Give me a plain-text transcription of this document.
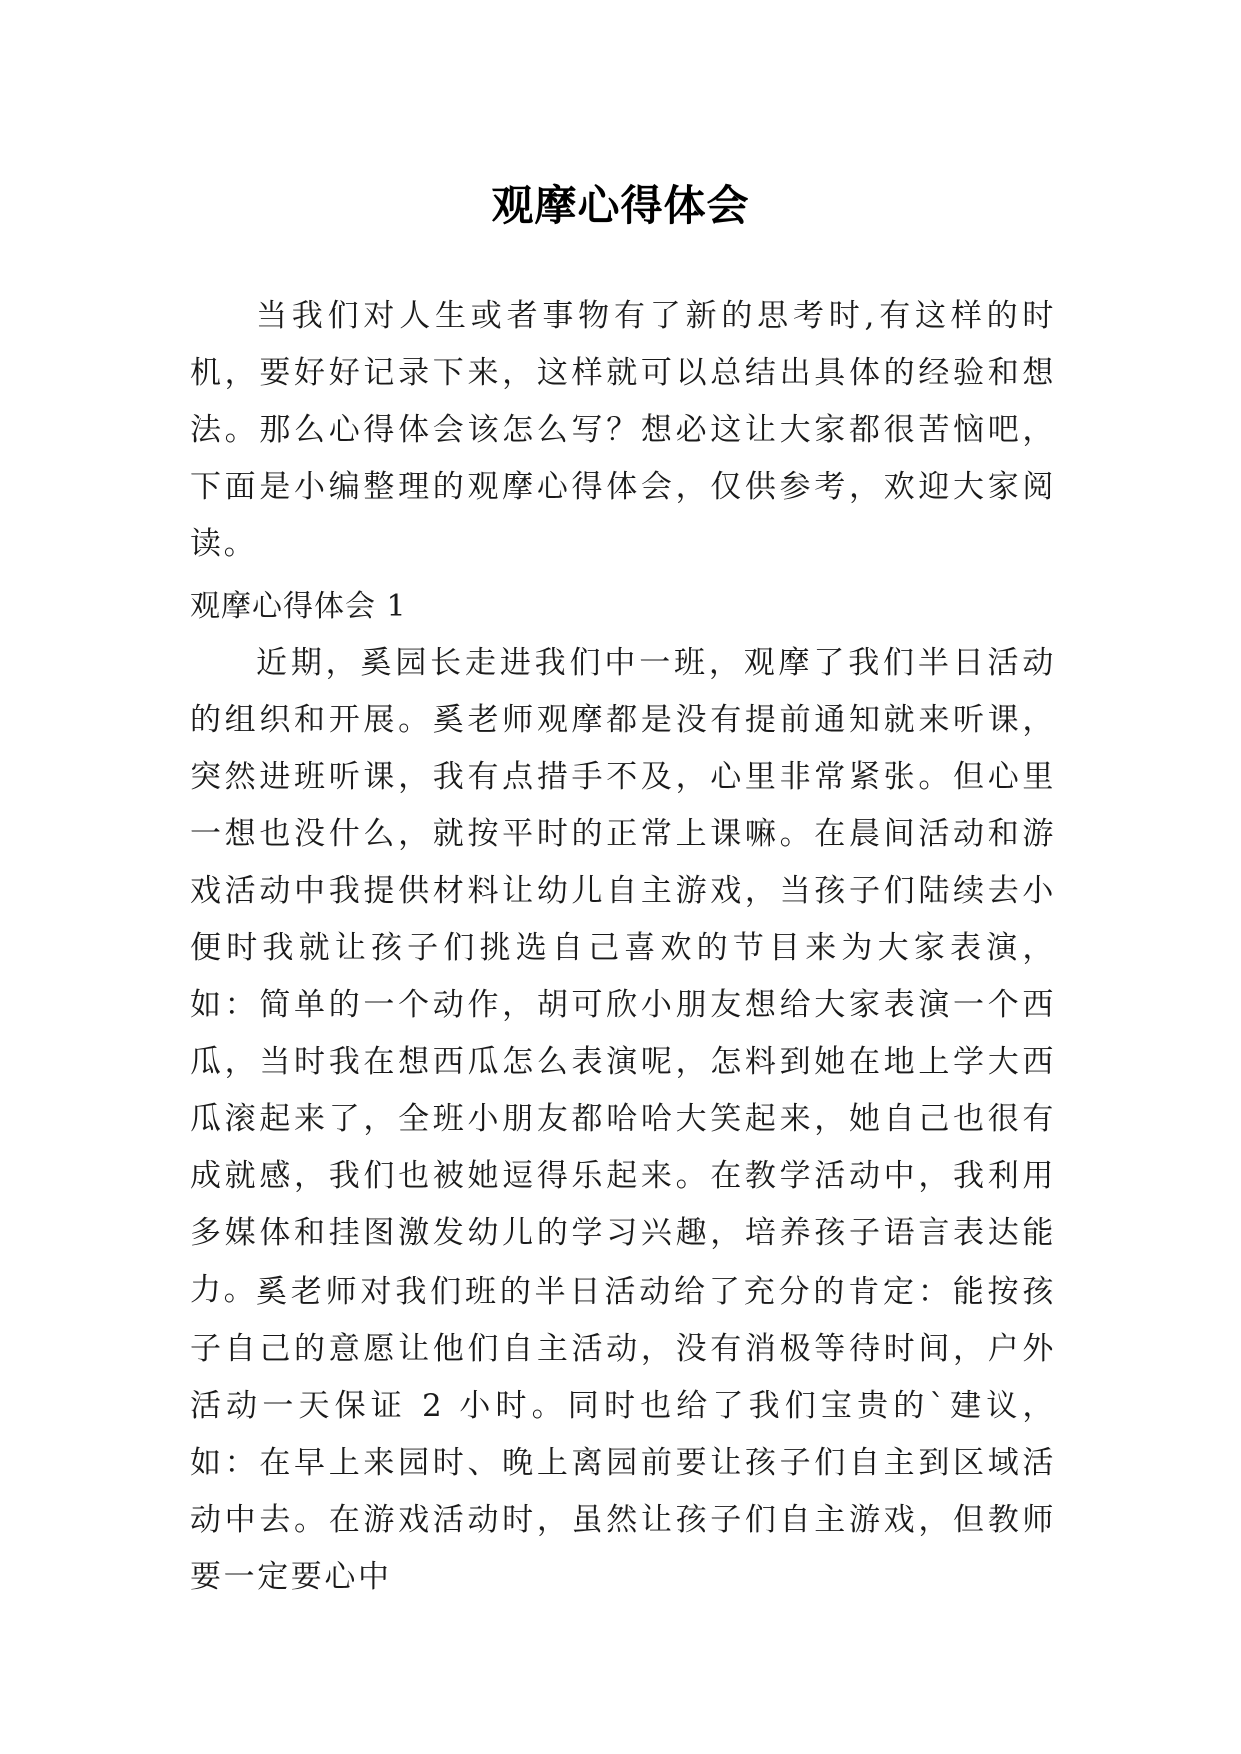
观摩心得体会

当我们对人生或者事物有了新的思考时,有这样的时机，要好好记录下来，这样就可以总结出具体的经验和想法。那么心得体会该怎么写？想必这让大家都很苦恼吧，下面是小编整理的观摩心得体会，仅供参考，欢迎大家阅读。

观摩心得体会 1

近期，奚园长走进我们中一班，观摩了我们半日活动的组织和开展。奚老师观摩都是没有提前通知就来听课，突然进班听课，我有点措手不及，心里非常紧张。但心里一想也没什么，就按平时的正常上课嘛。在晨间活动和游戏活动中我提供材料让幼儿自主游戏，当孩子们陆续去小便时我就让孩子们挑选自己喜欢的节目来为大家表演，如：简单的一个动作，胡可欣小朋友想给大家表演一个西瓜，当时我在想西瓜怎么表演呢，怎料到她在地上学大西瓜滚起来了，全班小朋友都哈哈大笑起来，她自己也很有成就感，我们也被她逗得乐起来。在教学活动中，我利用多媒体和挂图激发幼儿的学习兴趣，培养孩子语言表达能力。

奚老师对我们班的半日活动给了充分的肯定：能按孩子自己的意愿让他们自主活动，没有消极等待时间，户外活动一天保证 2 小时。同时也给了我们宝贵的`建议，如：在早上来园时、晚上离园前要让孩子们自主到区域活动中去。在游戏活动时，虽然让孩子们自主游戏，但教师要一定要心中
